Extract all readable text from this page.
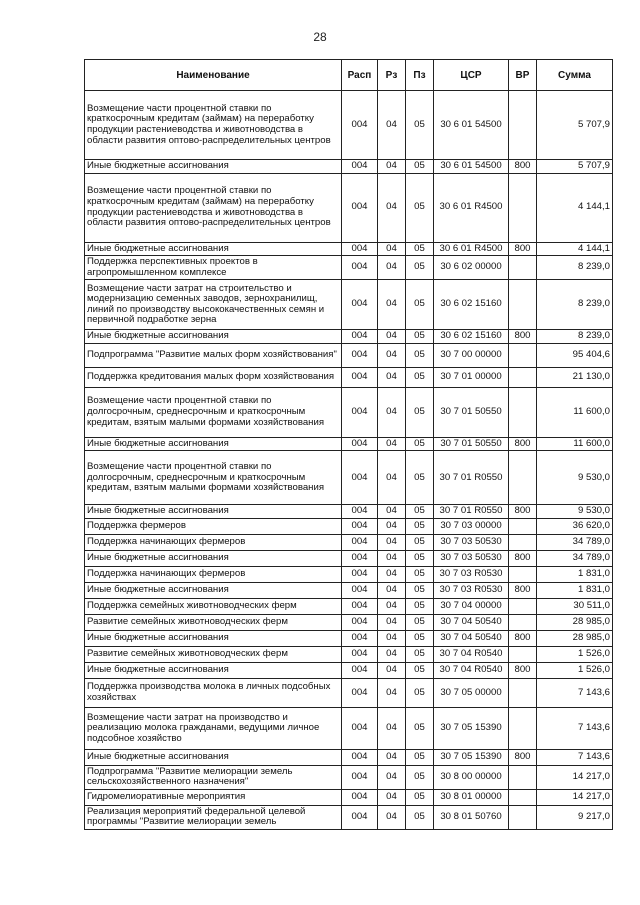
28
Наименование	Расп	Рз	Пз	ЦСР	ВР	Сумма
Возмещение части процентной ставки по краткосрочным кредитам (займам) на переработку продукции растениеводства и животноводства в области развития оптово-распределительных центров	004	04	05	30 6 01 54500		5 707,9
Иные бюджетные ассигнования	004	04	05	30 6 01 54500	800	5 707,9
Возмещение части процентной ставки по краткосрочным кредитам (займам) на переработку продукции растениеводства и животноводства в области развития оптово-распределительных центров	004	04	05	30 6 01 R4500		4 144,1
Иные бюджетные ассигнования	004	04	05	30 6 01 R4500	800	4 144,1
Поддержка перспективных проектов в агропромышленном комплексе	004	04	05	30 6 02 00000		8 239,0
Возмещение части затрат на строительство и модернизацию семенных заводов, зернохранилищ, линий по производству высококачественных семян и первичной подработке зерна	004	04	05	30 6 02 15160		8 239,0
Иные бюджетные ассигнования	004	04	05	30 6 02 15160	800	8 239,0
Подпрограмма "Развитие малых форм хозяйствования"	004	04	05	30 7 00 00000		95 404,6
Поддержка кредитования малых форм хозяйствования	004	04	05	30 7 01 00000		21 130,0
Возмещение части процентной ставки по долгосрочным, среднесрочным и краткосрочным кредитам, взятым малыми формами хозяйствования	004	04	05	30 7 01 50550		11 600,0
Иные бюджетные ассигнования	004	04	05	30 7 01 50550	800	11 600,0
Возмещение части процентной ставки по долгосрочным, среднесрочным и краткосрочным кредитам, взятым малыми формами хозяйствования	004	04	05	30 7 01 R0550		9 530,0
Иные бюджетные ассигнования	004	04	05	30 7 01 R0550	800	9 530,0
Поддержка фермеров	004	04	05	30 7 03 00000		36 620,0
Поддержка начинающих фермеров	004	04	05	30 7 03 50530		34 789,0
Иные бюджетные ассигнования	004	04	05	30 7 03 50530	800	34 789,0
Поддержка начинающих фермеров	004	04	05	30 7 03 R0530		1 831,0
Иные бюджетные ассигнования	004	04	05	30 7 03 R0530	800	1 831,0
Поддержка семейных животноводческих ферм	004	04	05	30 7 04 00000		30 511,0
Развитие семейных животноводческих ферм	004	04	05	30 7 04 50540		28 985,0
Иные бюджетные ассигнования	004	04	05	30 7 04 50540	800	28 985,0
Развитие семейных животноводческих ферм	004	04	05	30 7 04 R0540		1 526,0
Иные бюджетные ассигнования	004	04	05	30 7 04 R0540	800	1 526,0
Поддержка производства молока в личных подсобных хозяйствах	004	04	05	30 7 05 00000		7 143,6
Возмещение части затрат на производство и реализацию молока гражданами, ведущими личное подсобное хозяйство	004	04	05	30 7 05 15390		7 143,6
Иные бюджетные ассигнования	004	04	05	30 7 05 15390	800	7 143,6
Подпрограмма "Развитие мелиорации земель сельскохозяйственного назначения"	004	04	05	30 8 00 00000		14 217,0
Гидромелиоративные мероприятия	004	04	05	30 8 01 00000		14 217,0
Реализация мероприятий федеральной целевой программы "Развитие мелиорации земель	004	04	05	30 8 01 50760		9 217,0
